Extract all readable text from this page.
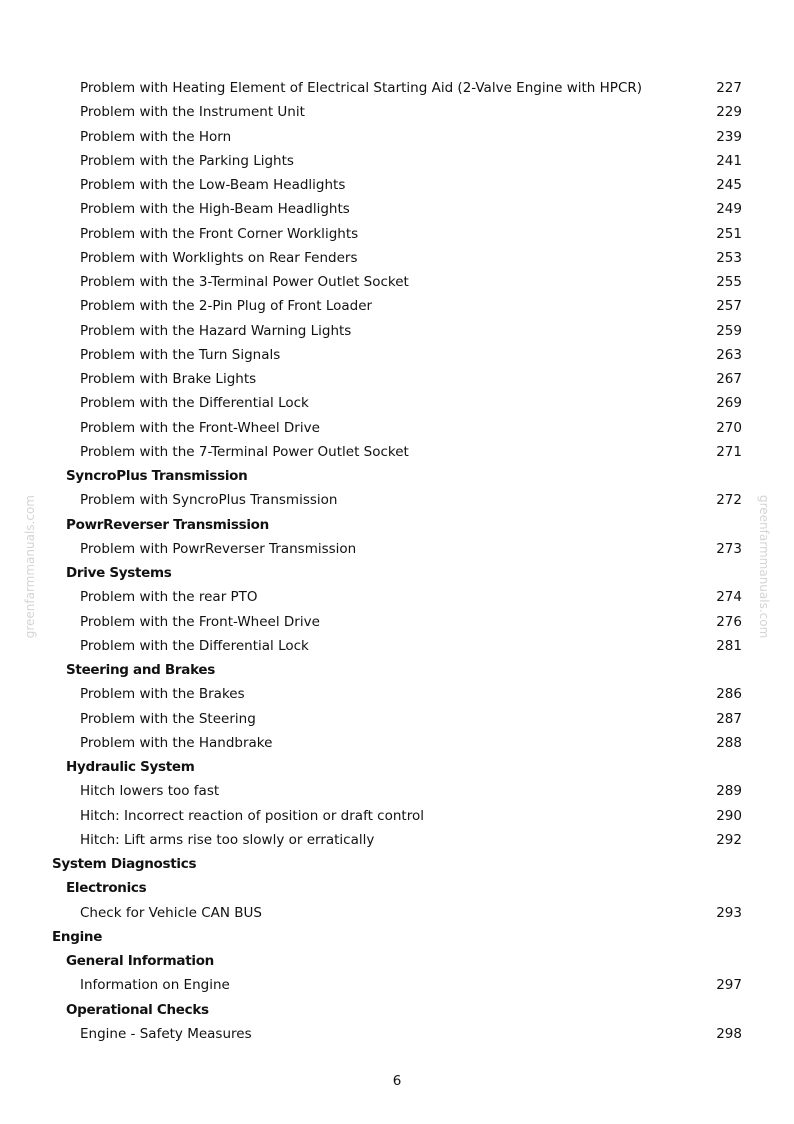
greenfarmmanuals.com	greenfarmmanuals.com
Problem with Heating Element of Electrical Starting Aid (2-Valve Engine with HPCR)	227
Problem with the Instrument Unit	229
Problem with the Horn	239
Problem with the Parking Lights	241
Problem with the Low-Beam Headlights	245
Problem with the High-Beam Headlights	249
Problem with the Front Corner Worklights	251
Problem with Worklights on Rear Fenders	253
Problem with the 3-Terminal Power Outlet Socket	255
Problem with the 2-Pin Plug of Front Loader	257
Problem with the Hazard Warning Lights	259
Problem with the Turn Signals	263
Problem with Brake Lights	267
Problem with the Differential Lock	269
Problem with the Front-Wheel Drive	270
Problem with the 7-Terminal Power Outlet Socket	271
SyncroPlus Transmission
Problem with SyncroPlus Transmission	272
PowrReverser Transmission
Problem with PowrReverser Transmission	273
Drive Systems
Problem with the rear PTO	274
Problem with the Front-Wheel Drive	276
Problem with the Differential Lock	281
Steering and Brakes
Problem with the Brakes	286
Problem with the Steering	287
Problem with the Handbrake	288
Hydraulic System
Hitch lowers too fast	289
Hitch: Incorrect reaction of position or draft control	290
Hitch: Lift arms rise too slowly or erratically	292
System Diagnostics
Electronics
Check for Vehicle CAN BUS	293
Engine
General Information
Information on Engine	297
Operational Checks
Engine - Safety Measures	298
6
